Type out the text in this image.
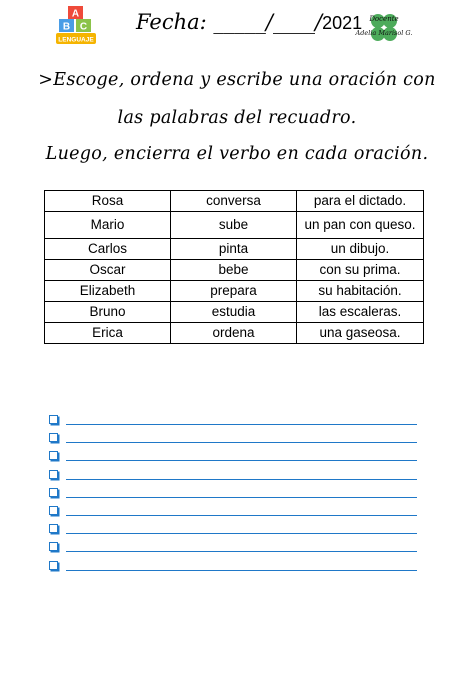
A
B C
LENGUAJE
Fecha: _____/____/2021 Docente
Adelia Marisol G.
>Escoge, ordena y escribe una oración con
las palabras del recuadro.
Luego, encierra el verbo en cada oración.
Rosa	conversa	para el dictado.
Mario	sube	un pan con queso.
Carlos	pinta	un dibujo.
Oscar	bebe	con su prima.
Elizabeth	prepara	su habitación.
Bruno	estudia	las escaleras.
Erica	ordena	una gaseosa.
